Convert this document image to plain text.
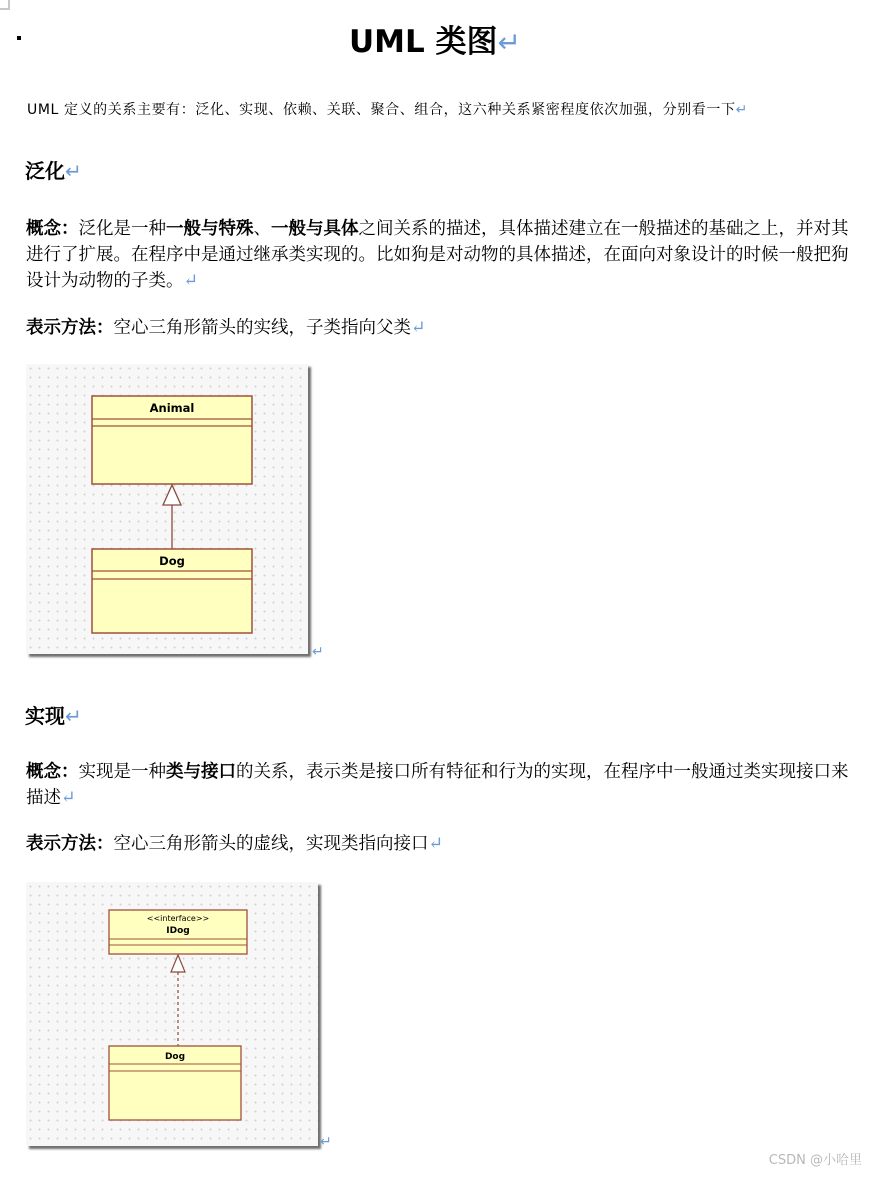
UML 类图↵
UML 定义的关系主要有：泛化、实现、依赖、关联、聚合、组合，这六种关系紧密程度依次加强，分别看一下↵
泛化↵
概念：泛化是一种一般与特殊、一般与具体之间关系的描述，具体描述建立在一般描述的基础之上，并对其进行了扩展。在程序中是通过继承类实现的。比如狗是对动物的具体描述，在面向对象设计的时候一般把狗设计为动物的子类。↵
表示方法：空心三角形箭头的实线，子类指向父类↵
Animal
Dog
↵
实现↵
概念：实现是一种类与接口的关系，表示类是接口所有特征和行为的实现，在程序中一般通过类实现接口来描述↵
表示方法：空心三角形箭头的虚线，实现类指向接口↵
<<interface>>
IDog
Dog
↵
CSDN @小哈里
